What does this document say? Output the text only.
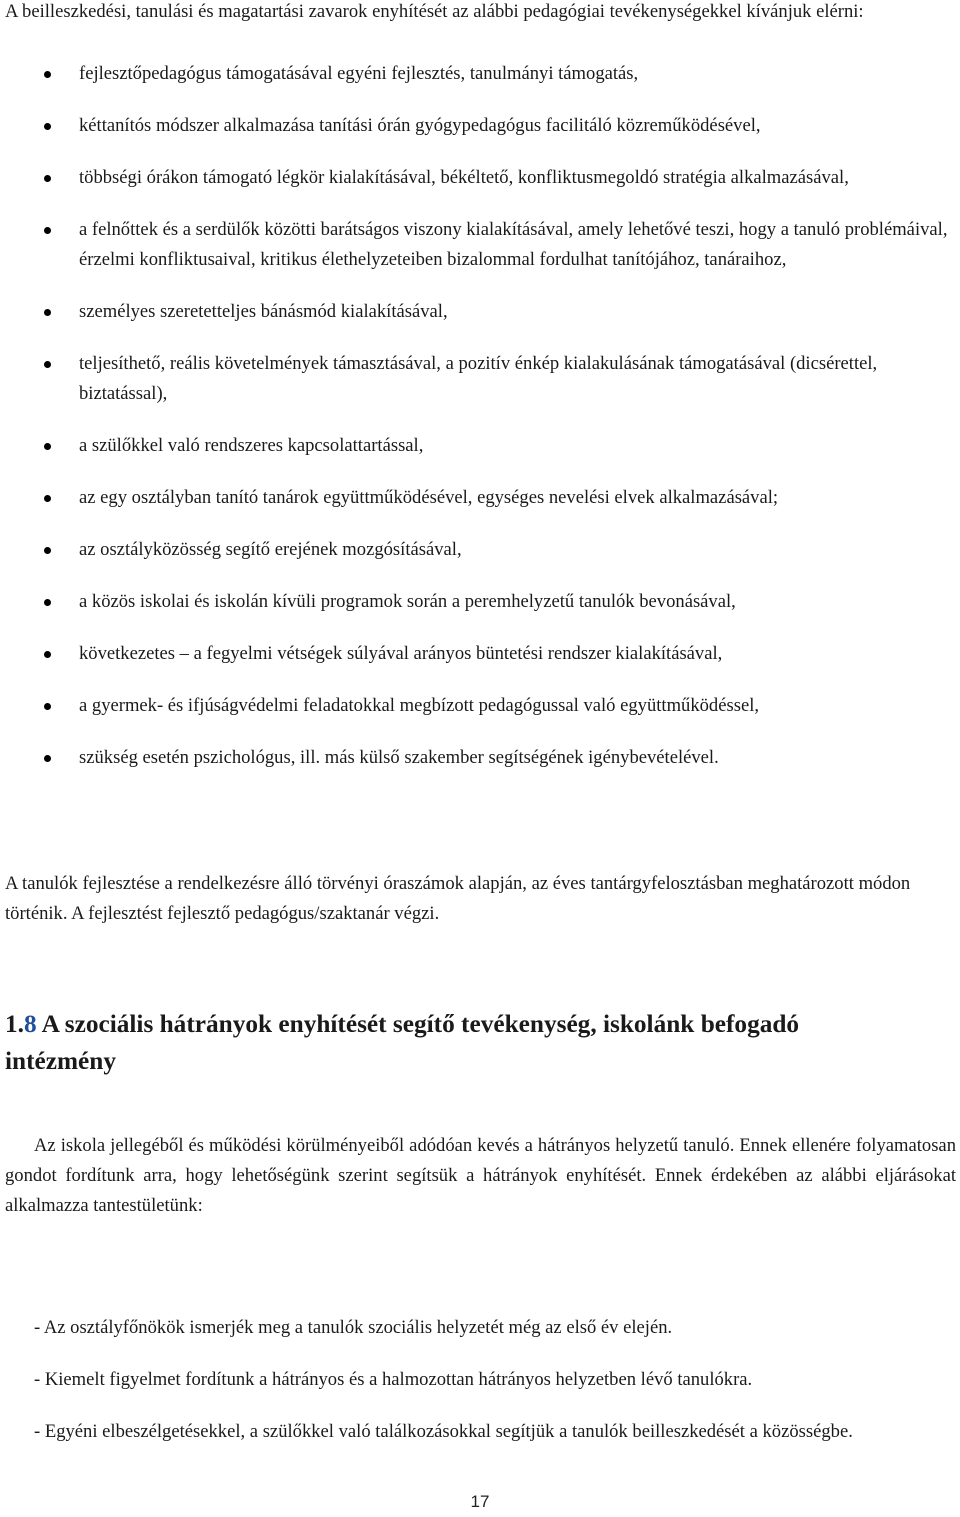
A beilleszkedési, tanulási és magatartási zavarok enyhítését az alábbi pedagógiai tevékenységekkel kívánjuk elérni:

fejlesztőpedagógus támogatásával egyéni fejlesztés, tanulmányi támogatás,
kéttanítós módszer alkalmazása tanítási órán gyógypedagógus facilitáló közreműködésével,
többségi órákon támogató légkör kialakításával, békéltető, konfliktusmegoldó stratégia alkalmazásával,
a felnőttek és a serdülők közötti barátságos viszony kialakításával, amely lehetővé teszi, hogy a tanuló problémáival, érzelmi konfliktusaival, kritikus élethelyzeteiben bizalommal fordulhat tanítójához, tanáraihoz,
személyes szeretetteljes bánásmód kialakításával,
teljesíthető, reális követelmények támasztásával, a pozitív énkép kialakulásának támogatásával (dicsérettel, biztatással),
a szülőkkel való rendszeres kapcsolattartással,
az egy osztályban tanító tanárok együttműködésével, egységes nevelési elvek alkalmazásával;
az osztályközösség segítő erejének mozgósításával,
a közös iskolai és iskolán kívüli programok során a peremhelyzetű tanulók bevonásával,
következetes – a fegyelmi vétségek súlyával arányos büntetési rendszer kialakításával,
a gyermek- és ifjúságvédelmi feladatokkal megbízott pedagógussal való együttműködéssel,
szükség esetén pszichológus, ill. más külső szakember segítségének igénybevételével.

A tanulók fejlesztése a rendelkezésre álló törvényi óraszámok alapján, az éves tantárgyfelosztásban meghatározott módon történik. A fejlesztést fejlesztő pedagógus/szaktanár végzi.

1.8 A szociális hátrányok enyhítését segítő tevékenység, iskolánk befogadó intézmény

Az iskola jellegéből és működési körülményeiből adódóan kevés a hátrányos helyzetű tanuló. Ennek ellenére folyamatosan gondot fordítunk arra, hogy lehetőségünk szerint segítsük a hátrányok enyhítését. Ennek érdekében az alábbi eljárásokat alkalmazza tantestületünk:

- Az osztályfőnökök ismerjék meg a tanulók szociális helyzetét még az első év elején.

- Kiemelt figyelmet fordítunk a hátrányos és a halmozottan hátrányos helyzetben lévő tanulókra.

- Egyéni elbeszélgetésekkel, a szülőkkel való találkozásokkal segítjük a tanulók beilleszkedését a közösségbe.

17
